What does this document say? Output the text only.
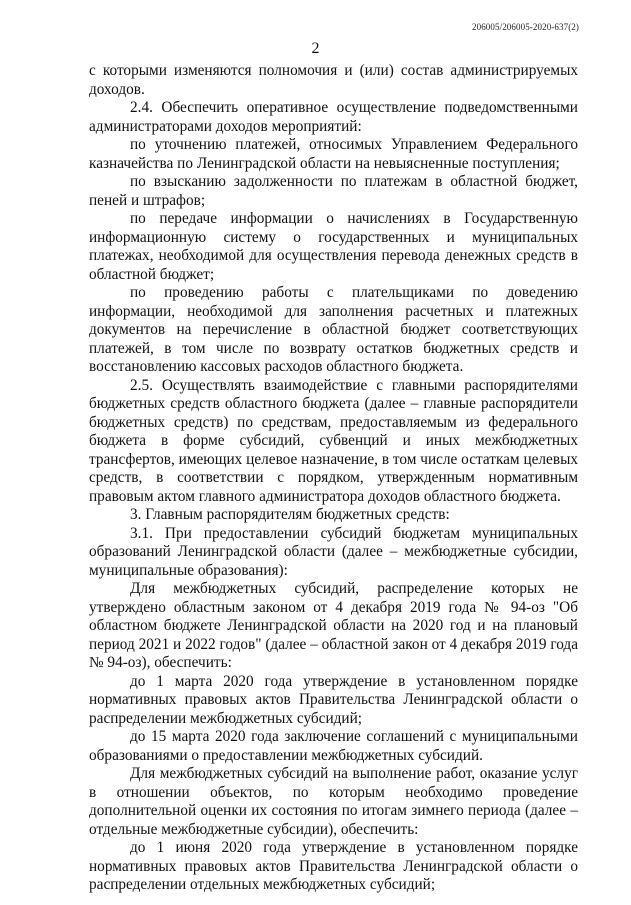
206005/206005-2020-637(2)
2

с которыми изменяются полномочия и (или) состав администрируемых доходов.

2.4. Обеспечить оперативное осуществление подведомственными администраторами доходов мероприятий:

по уточнению платежей, относимых Управлением Федерального казначейства по Ленинградской области на невыясненные поступления;

по взысканию задолженности по платежам в областной бюджет, пеней и штрафов;

по передаче информации о начислениях в Государственную информационную систему о государственных и муниципальных платежах, необходимой для осуществления перевода денежных средств в областной бюджет;

по проведению работы с плательщиками по доведению информации, необходимой для заполнения расчетных и платежных документов на перечисление в областной бюджет соответствующих платежей, в том числе по возврату остатков бюджетных средств и восстановлению кассовых расходов областного бюджета.

2.5. Осуществлять взаимодействие с главными распорядителями бюджетных средств областного бюджета (далее – главные распорядители бюджетных средств) по средствам, предоставляемым из федерального бюджета в форме субсидий, субвенций и иных межбюджетных трансфертов, имеющих целевое назначение, в том числе остаткам целевых средств, в соответствии с порядком, утвержденным нормативным правовым актом главного администратора доходов областного бюджета.

3. Главным распорядителям бюджетных средств:

3.1. При предоставлении субсидий бюджетам муниципальных образований Ленинградской области (далее – межбюджетные субсидии, муниципальные образования):

Для межбюджетных субсидий, распределение которых не утверждено областным законом от 4 декабря 2019 года № 94-оз "Об областном бюджете Ленинградской области на 2020 год и на плановый период 2021 и 2022 годов" (далее – областной закон от 4 декабря 2019 года № 94-оз), обеспечить:

до 1 марта 2020 года утверждение в установленном порядке нормативных правовых актов Правительства Ленинградской области о распределении межбюджетных субсидий;

до 15 марта 2020 года заключение соглашений с муниципальными образованиями о предоставлении межбюджетных субсидий.

Для межбюджетных субсидий на выполнение работ, оказание услуг в отношении объектов, по которым необходимо проведение дополнительной оценки их состояния по итогам зимнего периода (далее – отдельные межбюджетные субсидии), обеспечить:

до 1 июня 2020 года утверждение в установленном порядке нормативных правовых актов Правительства Ленинградской области о распределении отдельных межбюджетных субсидий;
